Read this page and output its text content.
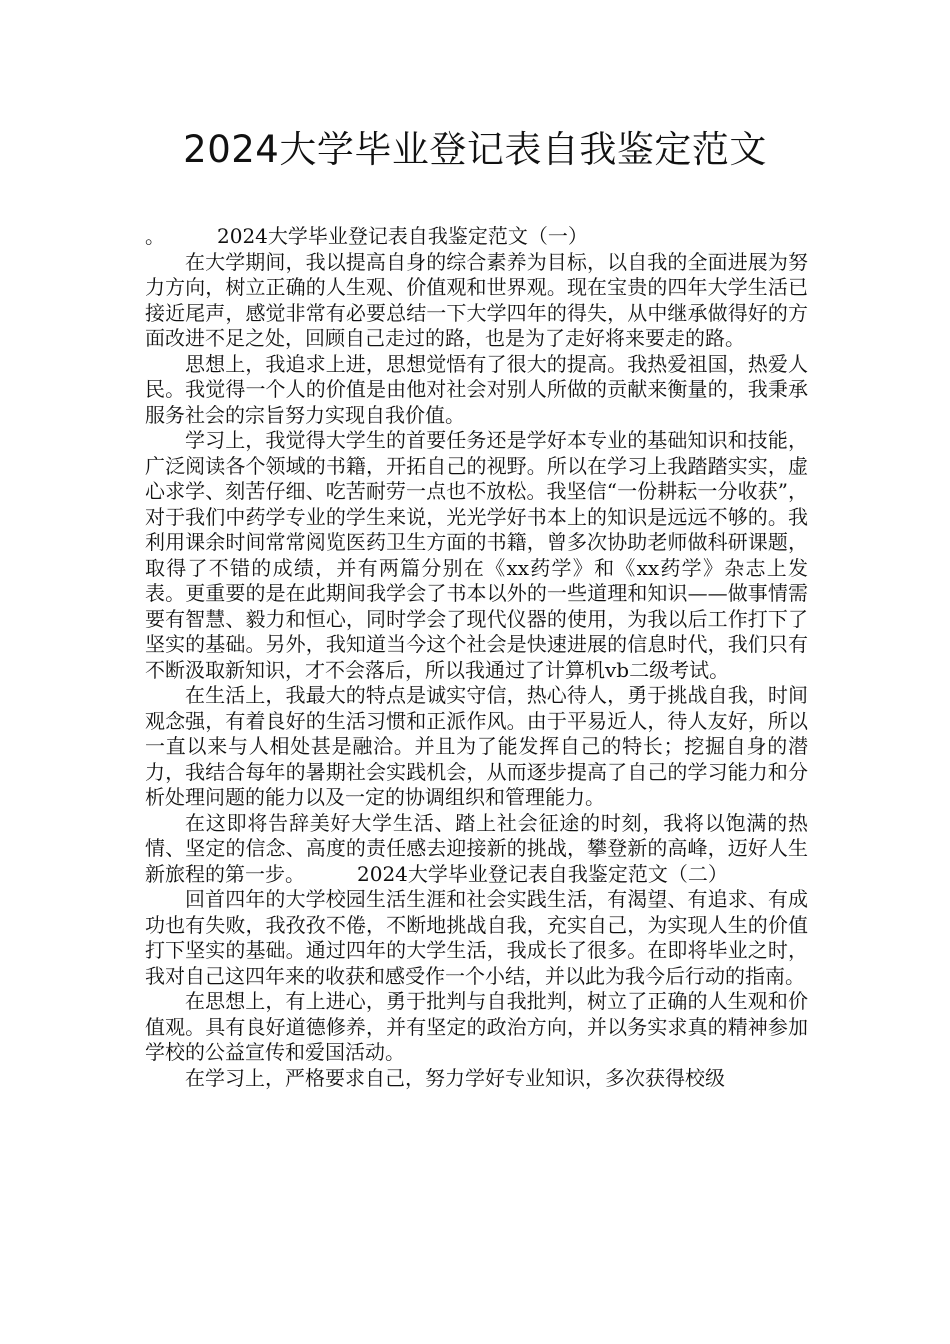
2024大学毕业登记表自我鉴定范文

。	2024大学毕业登记表自我鉴定范文（一）

在大学期间，我以提高自身的综合素养为目标，以自我的全面进展为努力方向，树立正确的人生观、价值观和世界观。现在宝贵的四年大学生活已接近尾声，感觉非常有必要总结一下大学四年的得失，从中继承做得好的方面改进不足之处，回顾自己走过的路，也是为了走好将来要走的路。

思想上，我追求上进，思想觉悟有了很大的提高。我热爱祖国，热爱人民。我觉得一个人的价值是由他对社会对别人所做的贡献来衡量的，我秉承服务社会的宗旨努力实现自我价值。

学习上，我觉得大学生的首要任务还是学好本专业的基础知识和技能，广泛阅读各个领域的书籍，开拓自己的视野。所以在学习上我踏踏实实，虚心求学、刻苦仔细、吃苦耐劳一点也不放松。我坚信“一份耕耘一分收获”，对于我们中药学专业的学生来说，光光学好书本上的知识是远远不够的。我利用课余时间常常阅览医药卫生方面的书籍，曾多次协助老师做科研课题，取得了不错的成绩，并有两篇分别在《xx药学》和《xx药学》杂志上发表。更重要的是在此期间我学会了书本以外的一些道理和知识——做事情需要有智慧、毅力和恒心，同时学会了现代仪器的使用，为我以后工作打下了坚实的基础。另外，我知道当今这个社会是快速进展的信息时代，我们只有不断汲取新知识，才不会落后，所以我通过了计算机vb二级考试。

在生活上，我最大的特点是诚实守信，热心待人，勇于挑战自我，时间观念强，有着良好的生活习惯和正派作风。由于平易近人，待人友好，所以一直以来与人相处甚是融洽。并且为了能发挥自己的特长；挖掘自身的潜力，我结合每年的暑期社会实践机会，从而逐步提高了自己的学习能力和分析处理问题的能力以及一定的协调组织和管理能力。

在这即将告辞美好大学生活、踏上社会征途的时刻，我将以饱满的热情、坚定的信念、高度的责任感去迎接新的挑战，攀登新的高峰，迈好人生新旅程的第一步。	2024大学毕业登记表自我鉴定范文（二）

回首四年的大学校园生活生涯和社会实践生活，有渴望、有追求、有成功也有失败，我孜孜不倦，不断地挑战自我，充实自己，为实现人生的价值打下坚实的基础。通过四年的大学生活，我成长了很多。在即将毕业之时，我对自己这四年来的收获和感受作一个小结，并以此为我今后行动的指南。

在思想上，有上进心，勇于批判与自我批判，树立了正确的人生观和价值观。具有良好道德修养，并有坚定的政治方向，并以务实求真的精神参加学校的公益宣传和爱国活动。

在学习上，严格要求自己，努力学好专业知识，多次获得校级
